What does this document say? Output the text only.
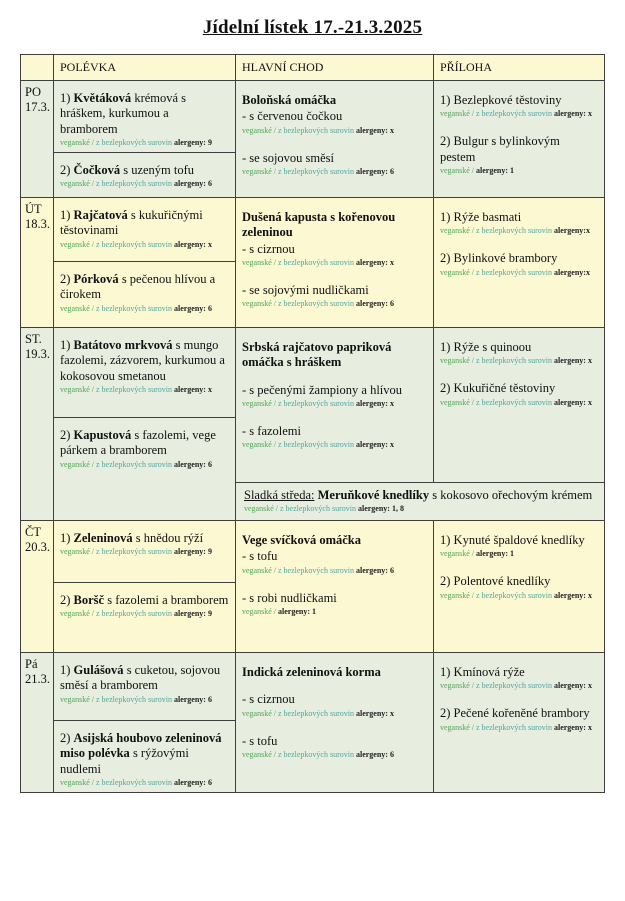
Jídelní lístek 17.-21.3.2025
POLÉVKA	HLAVNÍ CHOD	PŘÍLOHA
PO
17.3.
1) Květáková krémová s hráškem, kurkumou a bramborem
veganské / z bezlepkových surovin alergeny: 9
2) Čočková s uzeným tofu
veganské / z bezlepkových surovin alergeny: 6
Boloňská omáčka
- s červenou čočkou
veganské / z bezlepkových surovin alergeny: x
- se sojovou směsí
veganské / z bezlepkových surovin alergeny: 6
1) Bezlepkové těstoviny
veganské / z bezlepkových surovin alergeny: x
2) Bulgur s bylinkovým pestem
veganské / alergeny: 1
ÚT
18.3.
1) Rajčatová s kukuřičnými těstovinami
veganské / z bezlepkových surovin alergeny: x
2) Pórková s pečenou hlívou a čirokem
veganské / z bezlepkových surovin alergeny: 6
Dušená kapusta s kořenovou zeleninou
- s cizrnou
veganské / z bezlepkových surovin alergeny: x
- se sojovými nudličkami
veganské / z bezlepkových surovin alergeny: 6
1) Rýže basmati
veganské / z bezlepkových surovin alergeny:x
2) Bylinkové brambory
veganské / z bezlepkových surovin alergeny:x
ST.
19.3.
1) Batátovo mrkvová s mungo fazolemi, zázvorem, kurkumou a kokosovou smetanou
veganské / z bezlepkových surovin alergeny: x
2) Kapustová s fazolemi, vege párkem a bramborem
veganské / z bezlepkových surovin alergeny: 6
Srbská rajčatovo papriková omáčka s hráškem
- s pečenými žampiony a hlívou
veganské / z bezlepkových surovin alergeny: x
- s fazolemi
veganské / z bezlepkových surovin alergeny: x
1) Rýže s quinoou
veganské / z bezlepkových surovin alergeny: x
2) Kukuřičné těstoviny
veganské / z bezlepkových surovin alergeny: x
Sladká středa: Meruňkové knedlíky s kokosovo ořechovým krémem
veganské / z bezlepkových surovin alergeny: 1, 8
ČT
20.3.
1) Zeleninová s hnědou rýží
veganské / z bezlepkových surovin alergeny: 9
2) Boršč s fazolemi a bramborem
veganské / z bezlepkových surovin alergeny: 9
Vege svíčková omáčka
- s tofu
veganské / z bezlepkových surovin alergeny: 6
- s robi nudličkami
veganské / alergeny: 1
1) Kynuté špaldové knedlíky
veganské / alergeny: 1
2) Polentové knedlíky
veganské / z bezlepkových surovin alergeny: x
Pá
21.3.
1) Gulášová s cuketou, sojovou směsí a bramborem
veganské / z bezlepkových surovin alergeny: 6
2) Asijská houbovo zeleninová miso polévka s rýžovými nudlemi
veganské / z bezlepkových surovin alergeny: 6
Indická zeleninová korma
- s cizrnou
veganské / z bezlepkových surovin alergeny: x
- s tofu
veganské / z bezlepkových surovin alergeny: 6
1) Kmínová rýže
veganské / z bezlepkových surovin alergeny: x
2) Pečené kořeněné brambory
veganské / z bezlepkových surovin alergeny: x
